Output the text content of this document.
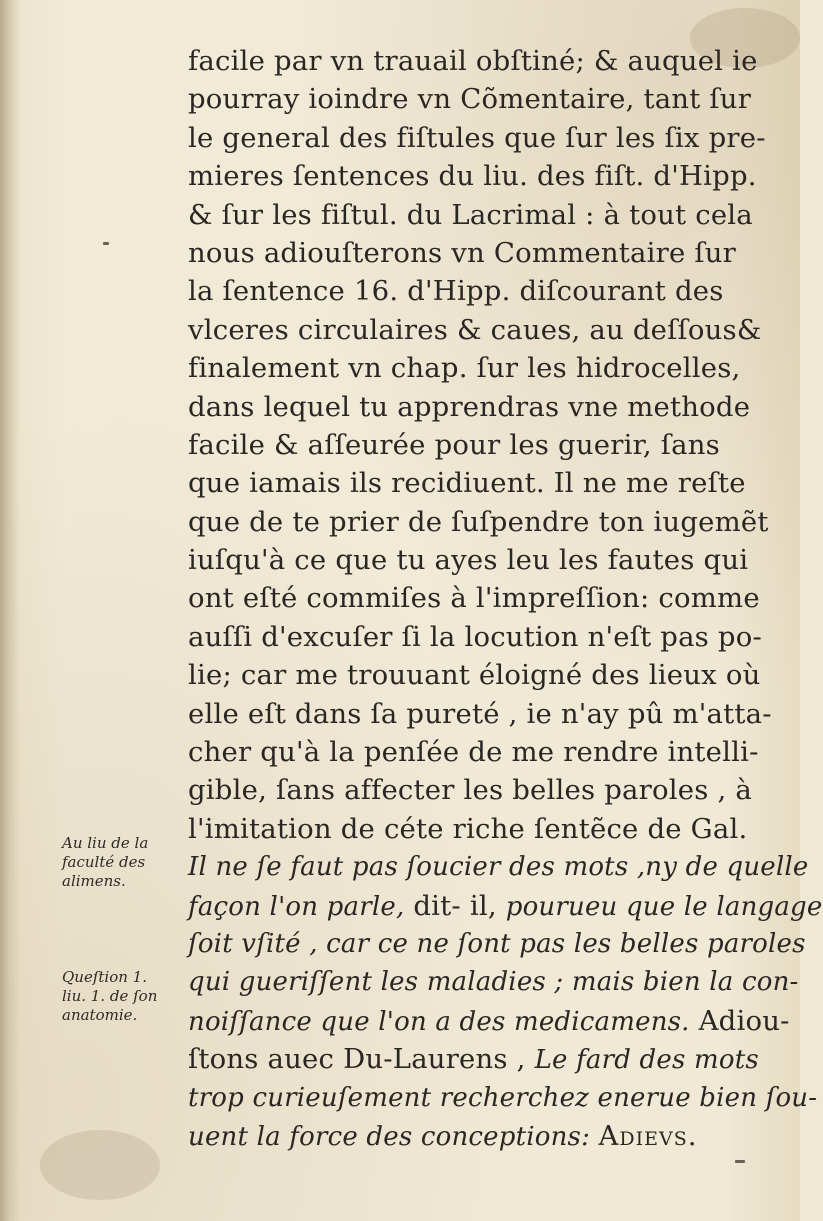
facile par vn trauail obſtiné; & auquel ie
pourray ioindre vn Cõmentaire, tant ſur
le general des fiſtules que ſur les ſix pre-
mieres ſentences du liu. des fiſt. d'Hipp.
& ſur les fiſtul. du Lacrimal : à tout cela
nous adiouſterons vn Commentaire ſur
la ſentence 16. d'Hipp. diſcourant des
vlceres circulaires & caues, au deſſous&
finalement vn chap. ſur les hidrocelles,
dans lequel tu apprendras vne methode
facile & aſſeurée pour les guerir, ſans
que iamais ils recidiuent. Il ne me reſte
que de te prier de ſuſpendre ton iugemẽt
iuſqu'à ce que tu ayes leu les fautes qui
ont eſté commiſes à l'impreſſion: comme
auſſi d'excuſer ſi la locution n'eſt pas po-
lie; car me trouuant éloigné des lieux où
elle eſt dans ſa pureté , ie n'ay pû m'atta-
cher qu'à la penſée de me rendre intelli-
gible, ſans affecter les belles paroles , à
l'imitation de céte riche ſentẽce de Gal.
Il ne ſe faut pas ſoucier des mots ,ny de quelle
façon l'on parle, dit- il, pourueu que le langage
ſoit vſité , car ce ne ſont pas les belles paroles
qui gueriſſent les maladies ; mais bien la con-
noiſſance que l'on a des medicamens. Adiou-
ſtons auec Du-Laurens , Le fard des mots
trop curieuſement recherchez enerue bien ſou-
uent la force des conceptions: Adievs.
Au liu de la
faculté des
alimens.
Queſtion 1.
liu. 1. de ſon
anatomie.
